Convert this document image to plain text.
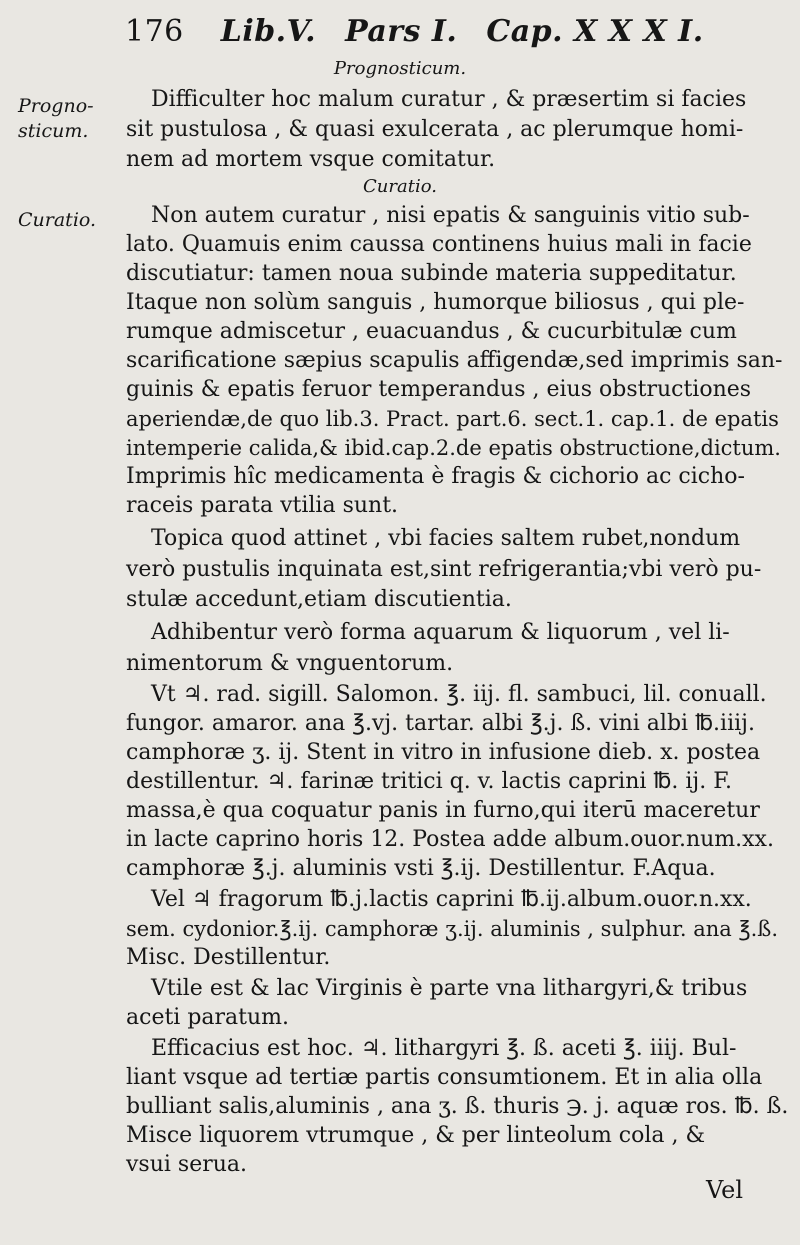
176 Lib.V. Pars I. Cap. X X X I.
Prognosticum.
Progno-
sticum.
Difficulter hoc malum curatur , & præsertim si facies
sit pustulosa , & quasi exulcerata , ac plerumque homi-
nem ad mortem vsque comitatur.
Curatio.
Curatio. Non autem curatur , nisi epatis & sanguinis vitio sub-
lato. Quamuis enim caussa continens huius mali in facie
discutiatur: tamen noua subinde materia suppeditatur.
Itaque non solùm sanguis , humorque biliosus , qui ple-
rumque admiscetur , euacuandus , & cucurbitulæ cum
scarificatione sæpius scapulis affigendæ,sed imprimis san-
guinis & epatis feruor temperandus , eius obstructiones
aperiendæ,de quo lib.3. Pract. part.6. sect.1. cap.1. de epatis
intemperie calida,& ibid.cap.2.de epatis obstructione,dictum.
Imprimis hîc medicamenta è fragis & cichorio ac cicho-
raceis parata vtilia sunt.
Topica quod attinet , vbi facies saltem rubet,nondum
verò pustulis inquinata est,sint refrigerantia;vbi verò pu-
stulæ accedunt,etiam discutientia.
Adhibentur verò forma aquarum & liquorum , vel li-
nimentorum & vnguentorum.
Vt ♃. rad. sigill. Salomon. ℥. iij. fl. sambuci, lil. conuall.
fungor. amaror. ana ℥.vj. tartar. albi ℥.j. ß. vini albi ℔.iiij.
camphoræ ʒ. ij. Stent in vitro in infusione dieb. x. postea
destillentur. ♃. farinæ tritici q. v. lactis caprini ℔. ij. F.
massa,è qua coquatur panis in furno,qui iterū maceretur
in lacte caprino horis 12. Postea adde album.ouor.num.xx.
camphoræ ℥.j. aluminis vsti ℥.ij. Destillentur. F.Aqua.
Vel ♃ fragorum ℔.j.lactis caprini ℔.ij.album.ouor.n.xx.
sem. cydonior.℥.ij. camphoræ ʒ.ij. aluminis , sulphur. ana ℥.ß.
Misc. Destillentur.
Vtile est & lac Virginis è parte vna lithargyri,& tribus
aceti paratum.
Efficacius est hoc. ♃. lithargyri ℥. ß. aceti ℥. iiij. Bul-
liant vsque ad tertiæ partis consumtionem. Et in alia olla
bulliant salis,aluminis , ana ʒ. ß. thuris ℈. j. aquæ ros. ℔. ß.
Misce liquorem vtrumque , & per linteolum cola , &
vsui serua.
Vel
